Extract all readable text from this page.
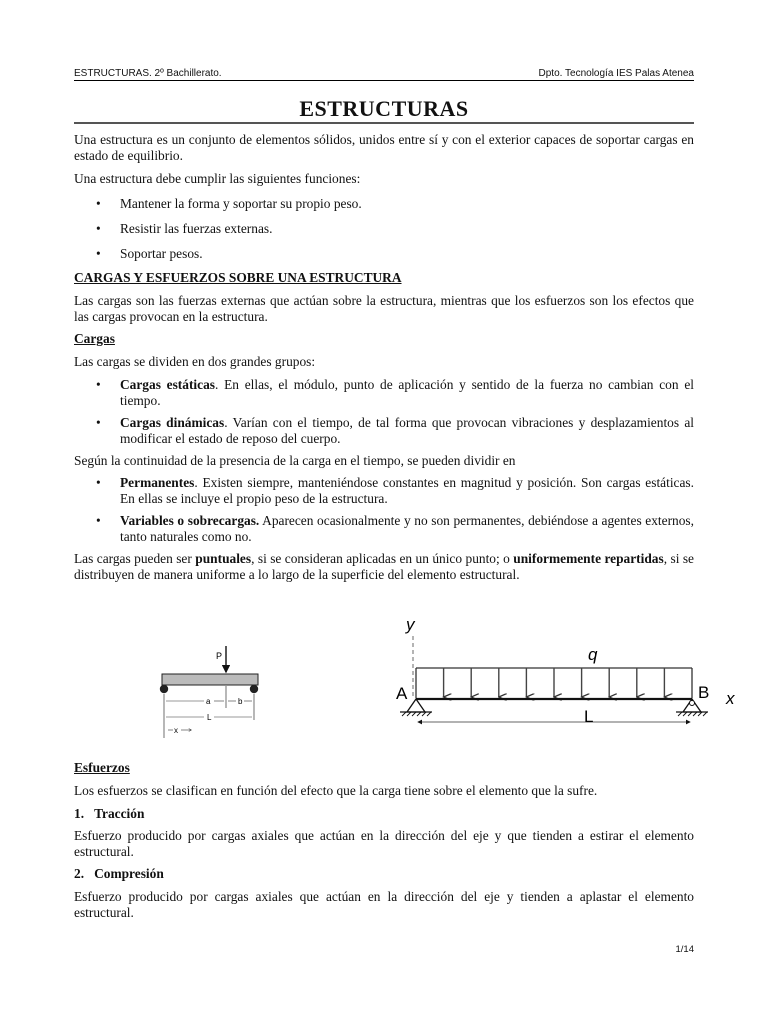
ESTRUCTURAS. 2º Bachillerato.	Dpto. Tecnología IES Palas Atenea
ESTRUCTURAS
Una estructura es un conjunto de elementos sólidos, unidos entre sí y con el exterior capaces de soportar cargas en estado de equilibrio.
Una estructura debe cumplir las siguientes funciones:
• Mantener la forma y soportar su propio peso.
• Resistir las fuerzas externas.
• Soportar pesos.
CARGAS Y ESFUERZOS SOBRE UNA ESTRUCTURA
Las cargas son las fuerzas externas que actúan sobre la estructura, mientras que los esfuerzos son los efectos que las cargas provocan en la estructura.
Cargas
Las cargas se dividen en dos grandes grupos:
• Cargas estáticas. En ellas, el módulo, punto de aplicación y sentido de la fuerza no cambian con el tiempo.
• Cargas dinámicas. Varían con el tiempo, de tal forma que provocan vibraciones y desplazamientos al modificar el estado de reposo del cuerpo.
Según la continuidad de la presencia de la carga en el tiempo, se pueden dividir en
• Permanentes. Existen siempre, manteniéndose constantes en magnitud y posición. Son cargas estáticas. En ellas se incluye el propio peso de la estructura.
• Variables o sobrecargas. Aparecen ocasionalmente y no son permanentes, debiéndose a agentes externos, tanto naturales como no.
Las cargas pueden ser puntuales, si se consideran aplicadas en un único punto; o uniformemente repartidas, si se distribuyen de manera uniforme a lo largo de la superficie del elemento estructural.
P
a	b
L
x
y
q
A	B x
L
Esfuerzos
Los esfuerzos se clasifican en función del efecto que la carga tiene sobre el elemento que la sufre.
1. Tracción
Esfuerzo producido por cargas axiales que actúan en la dirección del eje y que tienden a estirar el elemento estructural.
2. Compresión
Esfuerzo producido por cargas axiales que actúan en la dirección del eje y tienden a aplastar el elemento estructural.
1/14
